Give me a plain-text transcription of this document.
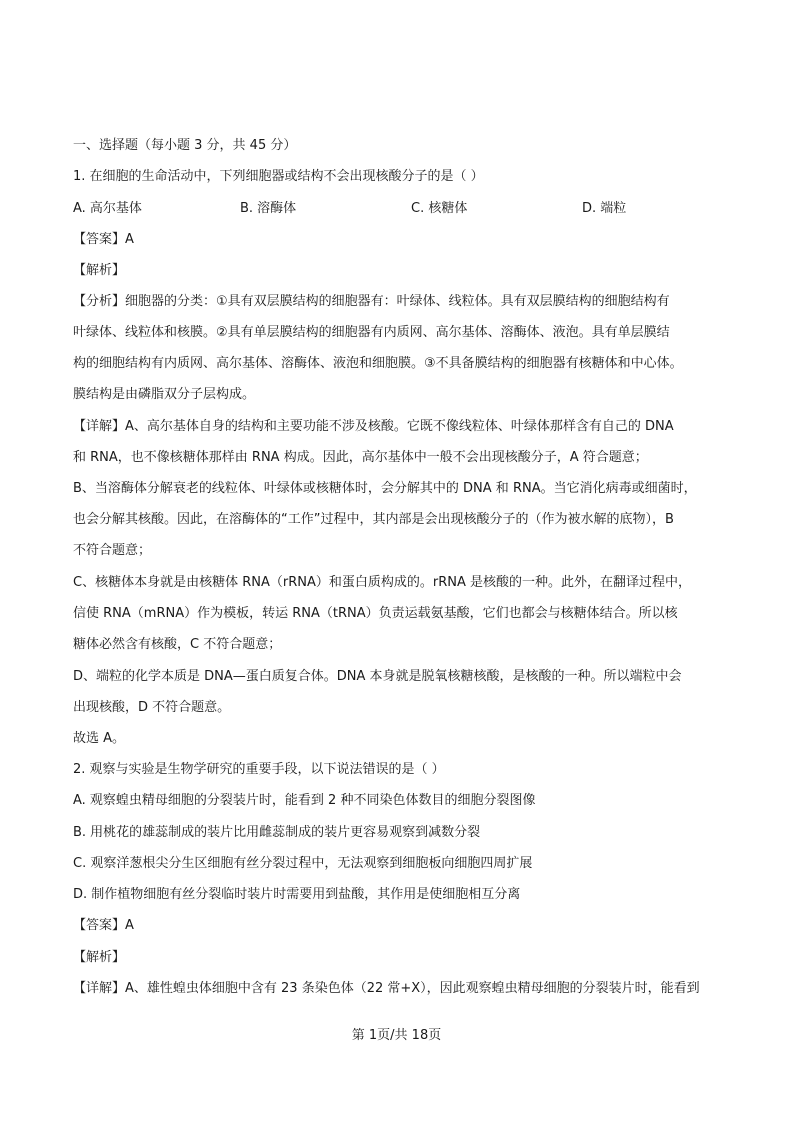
一、选择题（每小题 3 分，共 45 分）

1. 在细胞的生命活动中，下列细胞器或结构不会出现核酸分子的是（ ）

A. 高尔基体	B. 溶酶体	C. 核糖体	D. 端粒

【答案】A

【解析】

【分析】细胞器的分类：①具有双层膜结构的细胞器有：叶绿体、线粒体。具有双层膜结构的细胞结构有

叶绿体、线粒体和核膜。②具有单层膜结构的细胞器有内质网、高尔基体、溶酶体、液泡。具有单层膜结

构的细胞结构有内质网、高尔基体、溶酶体、液泡和细胞膜。③不具备膜结构的细胞器有核糖体和中心体。

膜结构是由磷脂双分子层构成。

【详解】A、高尔基体自身的结构和主要功能不涉及核酸。它既不像线粒体、叶绿体那样含有自己的 DNA

和 RNA，也不像核糖体那样由 RNA 构成。因此，高尔基体中一般不会出现核酸分子，A 符合题意；

B、当溶酶体分解衰老的线粒体、叶绿体或核糖体时，会分解其中的 DNA 和 RNA。当它消化病毒或细菌时，

也会分解其核酸。因此，在溶酶体的“工作”过程中，其内部是会出现核酸分子的（作为被水解的底物），B

不符合题意；

C、核糖体本身就是由核糖体 RNA（rRNA）和蛋白质构成的。rRNA 是核酸的一种。此外，在翻译过程中，

信使 RNA（mRNA）作为模板，转运 RNA（tRNA）负责运载氨基酸，它们也都会与核糖体结合。所以核

糖体必然含有核酸，C 不符合题意；

D、端粒的化学本质是 DNA—蛋白质复合体。DNA 本身就是脱氧核糖核酸，是核酸的一种。所以端粒中会

出现核酸，D 不符合题意。

故选 A。

2. 观察与实验是生物学研究的重要手段，以下说法错误的是（ ）

A. 观察蝗虫精母细胞的分裂装片时，能看到 2 种不同染色体数目的细胞分裂图像

B. 用桃花的雄蕊制成的装片比用雌蕊制成的装片更容易观察到减数分裂

C. 观察洋葱根尖分生区细胞有丝分裂过程中，无法观察到细胞板向细胞四周扩展

D. 制作植物细胞有丝分裂临时装片时需要用到盐酸，其作用是使细胞相互分离

【答案】A

【解析】

【详解】A、雄性蝗虫体细胞中含有 23 条染色体（22 常+X），因此观察蝗虫精母细胞的分裂装片时，能看到

第 1页/共 18页
